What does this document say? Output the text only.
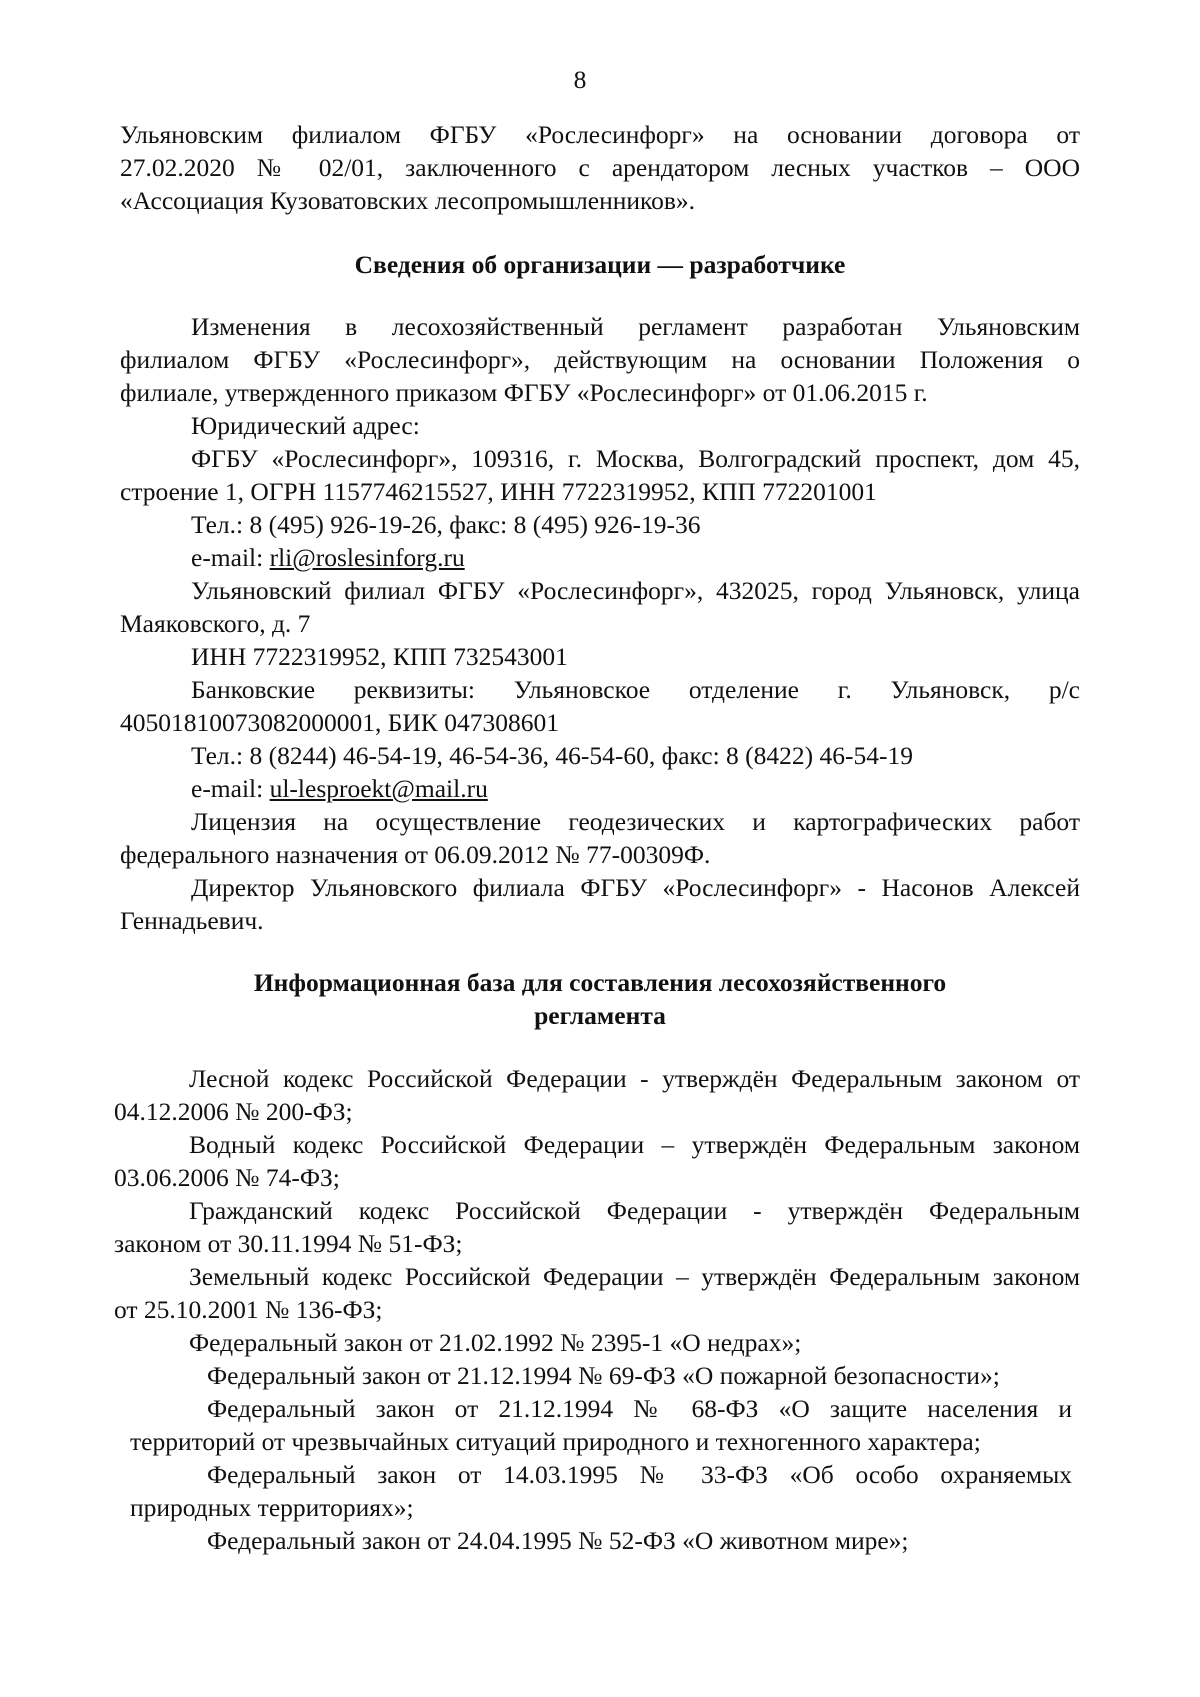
8
Ульяновским филиалом ФГБУ «Рослесинфорг» на основании договора от
27.02.2020 № 02/01, заключенного с арендатором лесных участков – ООО
«Ассоциация Кузоватовских лесопромышленников».
Сведения об организации — разработчике
Изменения в лесохозяйственный регламент разработан Ульяновским
филиалом ФГБУ «Рослесинфорг», действующим на основании Положения о
филиале, утвержденного приказом ФГБУ «Рослесинфорг» от 01.06.2015 г.
Юридический адрес:
ФГБУ «Рослесинфорг», 109316, г. Москва, Волгоградский проспект, дом 45,
строение 1, ОГРН 1157746215527, ИНН 7722319952, КПП 772201001
Тел.: 8 (495) 926-19-26, факс: 8 (495) 926-19-36
e-mail: rli@roslesinforg.ru
Ульяновский филиал ФГБУ «Рослесинфорг», 432025, город Ульяновск, улица
Маяковского, д. 7
ИНН 7722319952, КПП 732543001
Банковские реквизиты: Ульяновское отделение г. Ульяновск, р/с
40501810073082000001, БИК 047308601
Тел.: 8 (8244) 46-54-19, 46-54-36, 46-54-60, факс: 8 (8422) 46-54-19
e-mail: ul-lesproekt@mail.ru
Лицензия на осуществление геодезических и картографических работ
федерального назначения от 06.09.2012 № 77-00309Ф.
Директор Ульяновского филиала ФГБУ «Рослесинфорг» - Насонов Алексей
Геннадьевич.
Информационная база для составления лесохозяйственного
регламента
Лесной кодекс Российской Федерации - утверждён Федеральным законом от
04.12.2006 № 200-ФЗ;
Водный кодекс Российской Федерации – утверждён Федеральным законом
03.06.2006 № 74-ФЗ;
Гражданский кодекс Российской Федерации - утверждён Федеральным
законом от 30.11.1994 № 51-ФЗ;
Земельный кодекс Российской Федерации – утверждён Федеральным законом
от 25.10.2001 № 136-ФЗ;
Федеральный закон от 21.02.1992 № 2395-1 «О недрах»;
Федеральный закон от 21.12.1994 № 69-ФЗ «О пожарной безопасности»;
Федеральный закон от 21.12.1994 № 68-ФЗ «О защите населения и
территорий от чрезвычайных ситуаций природного и техногенного характера;
Федеральный закон от 14.03.1995 № 33-ФЗ «Об особо охраняемых
природных территориях»;
Федеральный закон от 24.04.1995 № 52-ФЗ «О животном мире»;
